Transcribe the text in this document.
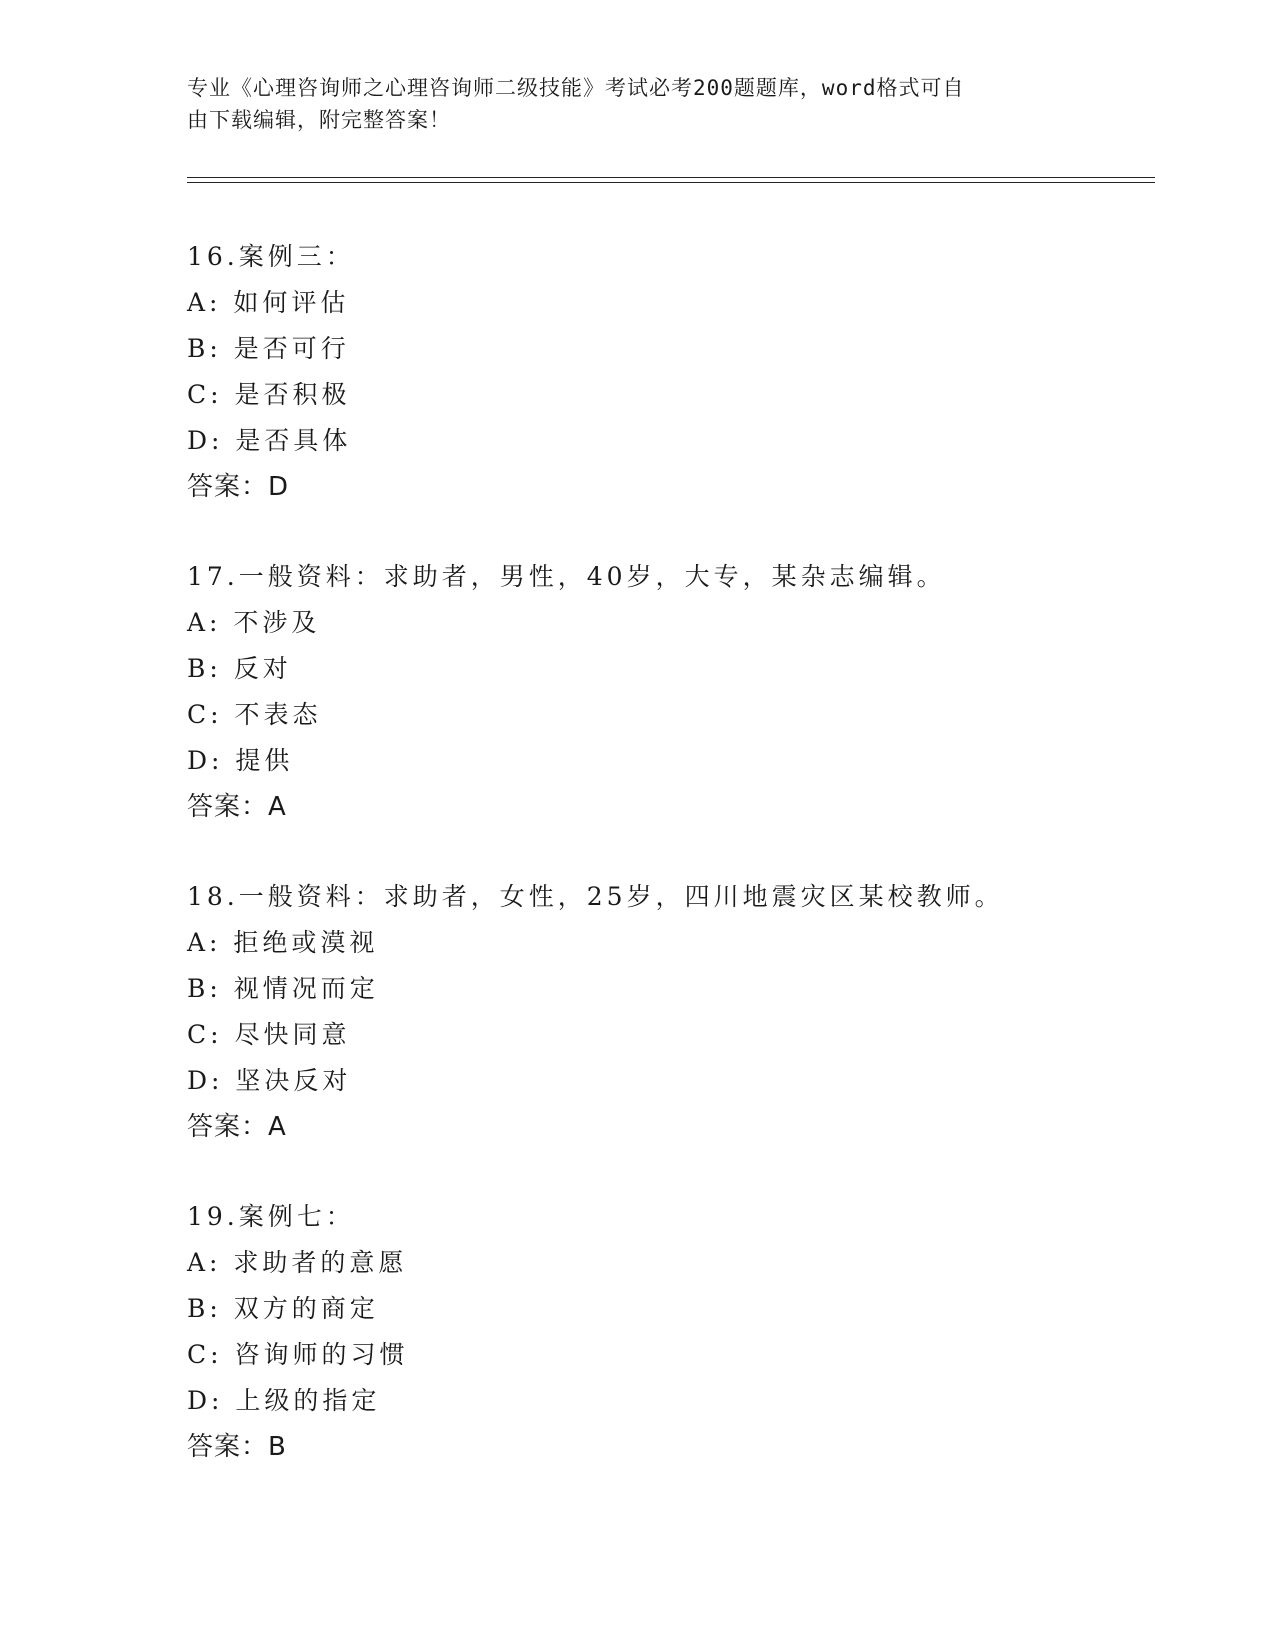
专业《心理咨询师之心理咨询师二级技能》考试必考200题题库，word格式可自
由下载编辑，附完整答案！
16.案例三：
A: 如何评估
B: 是否可行
C: 是否积极
D: 是否具体
答案：D
17.一般资料：求助者，男性，40岁，大专，某杂志编辑。
A: 不涉及
B: 反对
C: 不表态
D: 提供
答案：A
18.一般资料：求助者，女性，25岁，四川地震灾区某校教师。
A: 拒绝或漠视
B: 视情况而定
C: 尽快同意
D: 坚决反对
答案：A
19.案例七：
A: 求助者的意愿
B: 双方的商定
C: 咨询师的习惯
D: 上级的指定
答案：B
